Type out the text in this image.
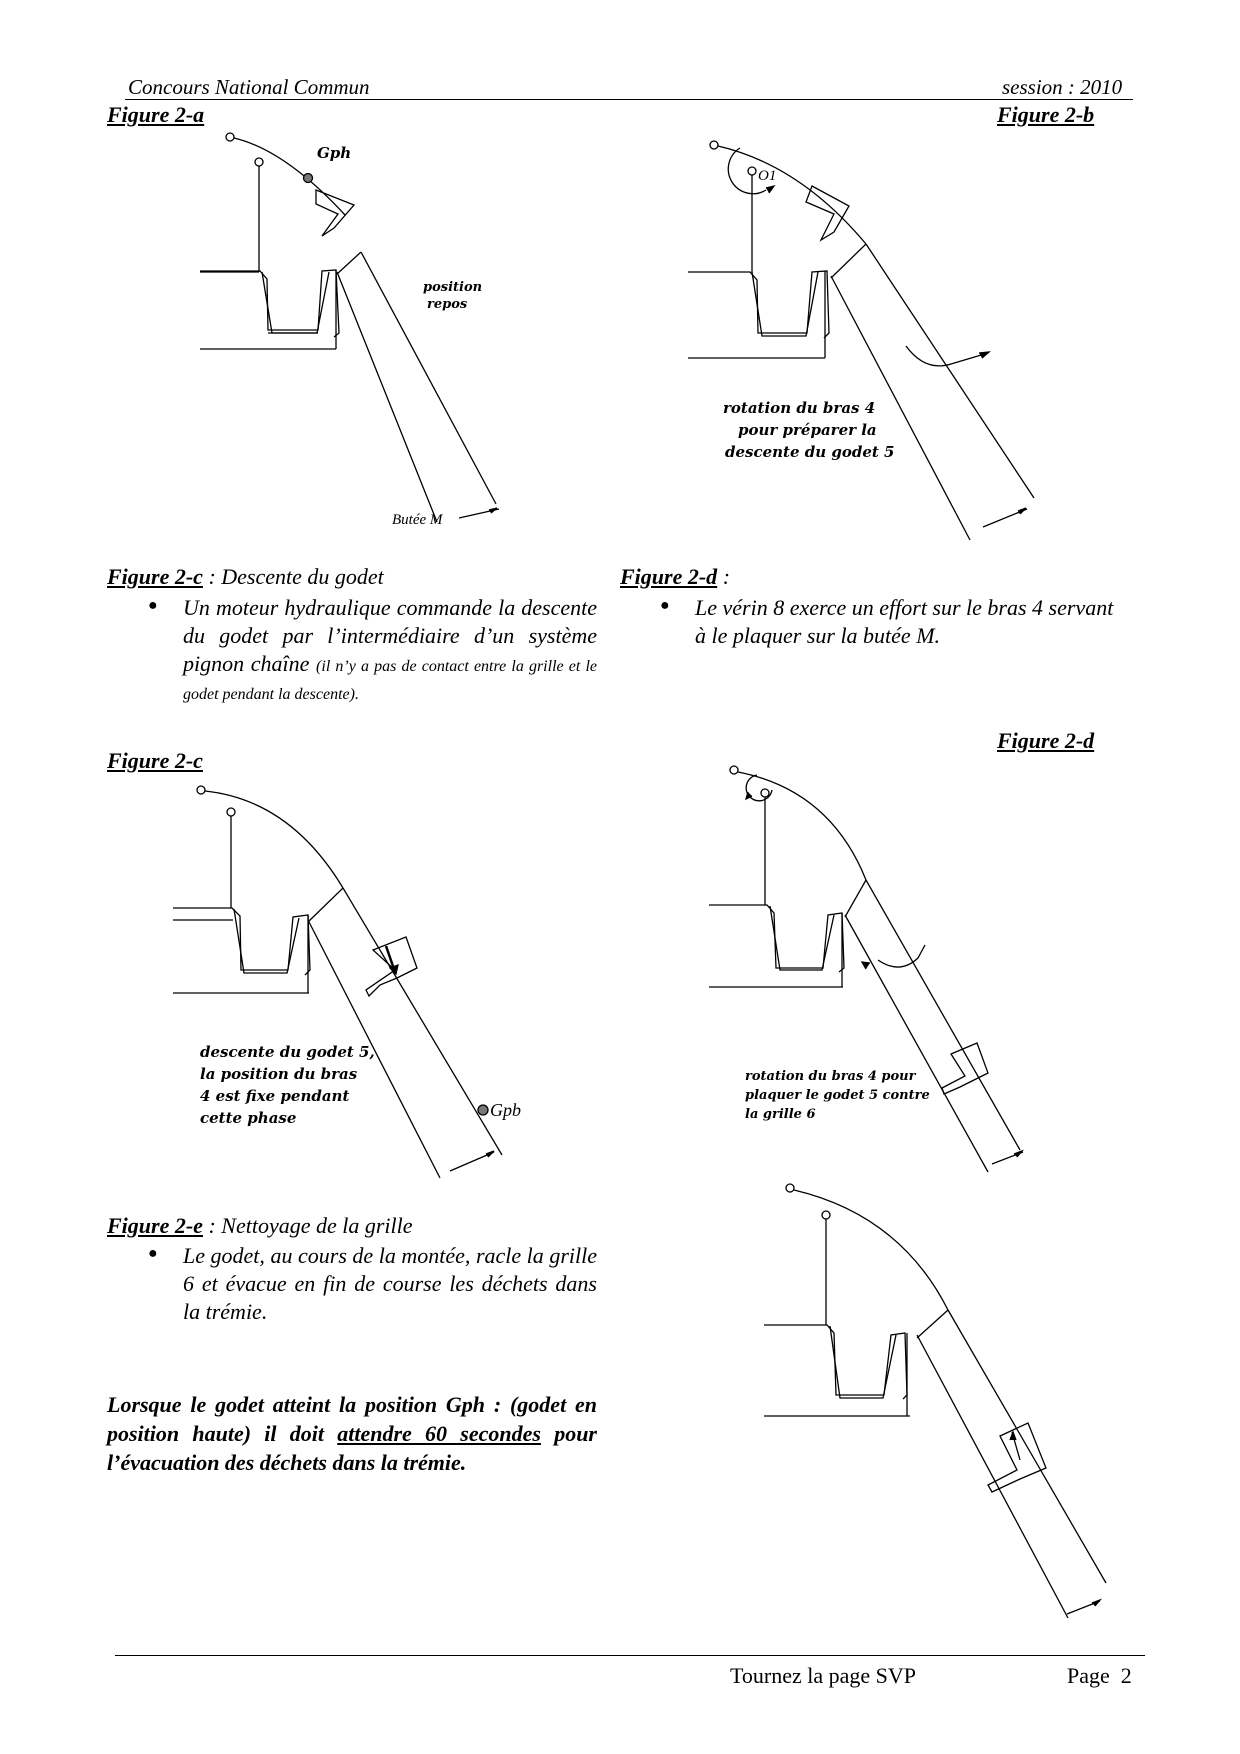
Concours National Commun	session : 2010
Figure 2-a	Figure 2-b
Gph
position
repos
Butée M
O1
rotation du bras 4
pour préparer la
descente du godet 5
Figure 2-c : Descente du godet
● Un moteur hydraulique commande la descente du godet par l’intermédiaire d’un système pignon chaîne (il n’y a pas de contact entre la grille et le godet pendant la descente).
Figure 2-d :
● Le vérin 8 exerce un effort sur le bras 4 servant à le plaquer sur la butée M.
Figure 2-c
descente du godet 5,
la position du bras
4 est fixe pendant
cette phase	Gpb
Figure 2-d
rotation du bras 4 pour
plaquer le godet 5 contre
la grille 6
Figure 2-e : Nettoyage de la grille
● Le godet, au cours de la montée, racle la grille 6 et évacue en fin de course les déchets dans la trémie.
Lorsque le godet atteint la position Gph : (godet en position haute) il doit attendre 60 secondes pour l’évacuation des déchets dans la trémie.
Tournez la page SVP	Page  2
